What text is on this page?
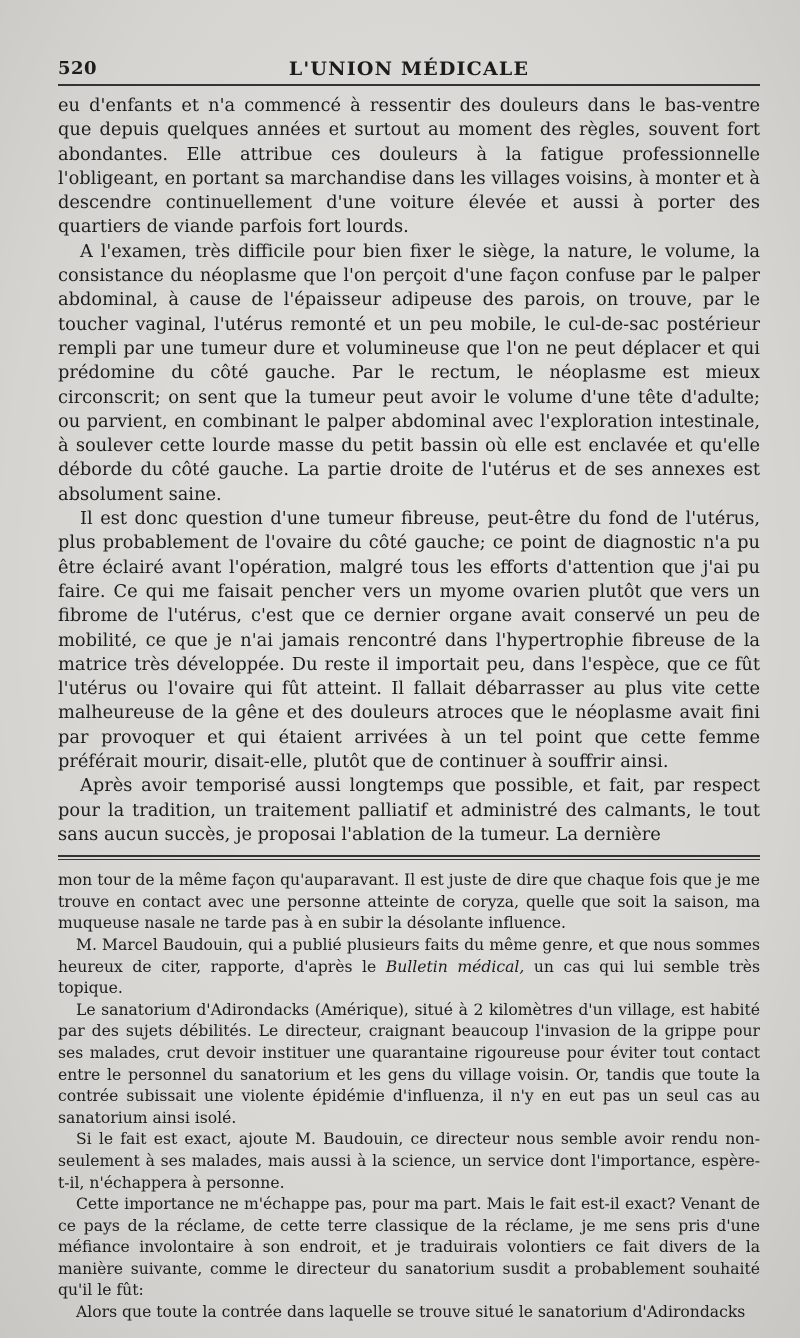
520	L'UNION MÉDICALE

eu d'enfants et n'a commencé à ressentir des douleurs dans le bas-ventre que depuis quelques années et surtout au moment des règles, souvent fort abondantes. Elle attribue ces douleurs à la fatigue professionnelle l'obligeant, en portant sa marchandise dans les villages voisins, à monter et à descendre continuellement d'une voiture élevée et aussi à porter des quartiers de viande parfois fort lourds.

A l'examen, très difficile pour bien fixer le siège, la nature, le volume, la consistance du néoplasme que l'on perçoit d'une façon confuse par le palper abdominal, à cause de l'épaisseur adipeuse des parois, on trouve, par le toucher vaginal, l'utérus remonté et un peu mobile, le cul-de-sac postérieur rempli par une tumeur dure et volumineuse que l'on ne peut déplacer et qui prédomine du côté gauche. Par le rectum, le néoplasme est mieux circonscrit; on sent que la tumeur peut avoir le volume d'une tête d'adulte; ou parvient, en combinant le palper abdominal avec l'exploration intestinale, à soulever cette lourde masse du petit bassin où elle est enclavée et qu'elle déborde du côté gauche. La partie droite de l'utérus et de ses annexes est absolument saine.

Il est donc question d'une tumeur fibreuse, peut-être du fond de l'utérus, plus probablement de l'ovaire du côté gauche; ce point de diagnostic n'a pu être éclairé avant l'opération, malgré tous les efforts d'attention que j'ai pu faire. Ce qui me faisait pencher vers un myome ovarien plutôt que vers un fibrome de l'utérus, c'est que ce dernier organe avait conservé un peu de mobilité, ce que je n'ai jamais rencontré dans l'hypertrophie fibreuse de la matrice très développée. Du reste il importait peu, dans l'espèce, que ce fût l'utérus ou l'ovaire qui fût atteint. Il fallait débarrasser au plus vite cette malheureuse de la gêne et des douleurs atroces que le néoplasme avait fini par provoquer et qui étaient arrivées à un tel point que cette femme préférait mourir, disait-elle, plutôt que de continuer à souffrir ainsi.

Après avoir temporisé aussi longtemps que possible, et fait, par respect pour la tradition, un traitement palliatif et administré des calmants, le tout sans aucun succès, je proposai l'ablation de la tumeur. La dernière

mon tour de la même façon qu'auparavant. Il est juste de dire que chaque fois que je me trouve en contact avec une personne atteinte de coryza, quelle que soit la saison, ma muqueuse nasale ne tarde pas à en subir la désolante influence.

M. Marcel Baudouin, qui a publié plusieurs faits du même genre, et que nous sommes heureux de citer, rapporte, d'après le Bulletin médical, un cas qui lui semble très topique.

Le sanatorium d'Adirondacks (Amérique), situé à 2 kilomètres d'un village, est habité par des sujets débilités. Le directeur, craignant beaucoup l'invasion de la grippe pour ses malades, crut devoir instituer une quarantaine rigoureuse pour éviter tout contact entre le personnel du sanatorium et les gens du village voisin. Or, tandis que toute la contrée subissait une violente épidémie d'influenza, il n'y en eut pas un seul cas au sanatorium ainsi isolé.

Si le fait est exact, ajoute M. Baudouin, ce directeur nous semble avoir rendu non-seulement à ses malades, mais aussi à la science, un service dont l'importance, espère-t-il, n'échappera à personne.

Cette importance ne m'échappe pas, pour ma part. Mais le fait est-il exact? Venant de ce pays de la réclame, de cette terre classique de la réclame, je me sens pris d'une méfiance involontaire à son endroit, et je traduirais volontiers ce fait divers de la manière suivante, comme le directeur du sanatorium susdit a probablement souhaité qu'il le fût:

Alors que toute la contrée dans laquelle se trouve situé le sanatorium d'Adirondacks
